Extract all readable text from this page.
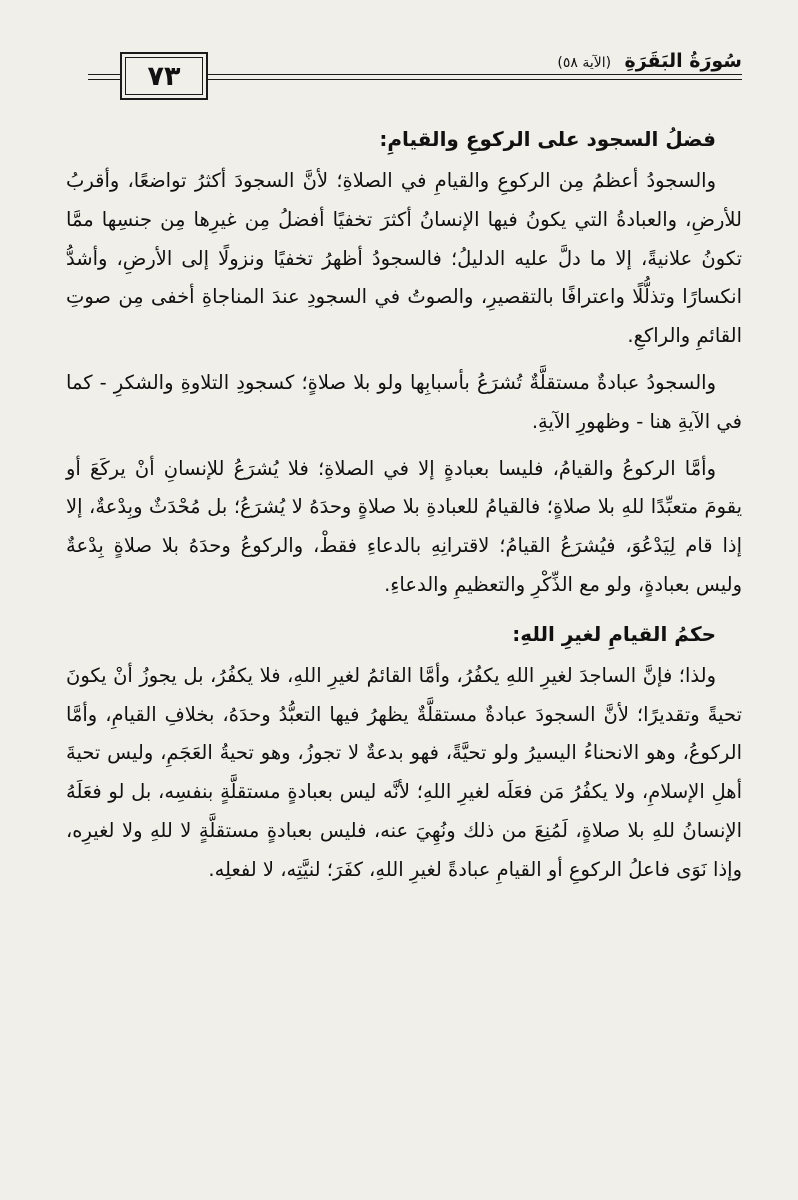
٧٣	سُورَةُ البَقَرَةِ (الآية ٥٨)
فضلُ السجود على الركوعِ والقيامِ:

والسجودُ أعظمُ مِن الركوعِ والقيامِ في الصلاةِ؛ لأنَّ السجودَ أكثرُ تواضعًا، وأقربُ للأرضِ، والعبادةُ التي يكونُ فيها الإنسانُ أكثرَ تخفيًا أفضلُ مِن غيرِها مِن جنسِها ممَّا تكونُ علانيةً، إلا ما دلَّ عليه الدليلُ؛ فالسجودُ أظهرُ تخفيًا ونزولًا إلى الأرضِ، وأشدُّ انكسارًا وتذلُّلًا واعترافًا بالتقصيرِ، والصوتُ في السجودِ عندَ المناجاةِ أخفى مِن صوتِ القائمِ والراكعِ.

والسجودُ عبادةٌ مستقلَّةٌ تُشرَعُ بأسبابِها ولو بلا صلاةٍ؛ كسجودِ التلاوةِ والشكرِ - كما في الآيةِ هنا - وظهورِ الآيةِ.

وأمَّا الركوعُ والقيامُ، فليسا بعبادةٍ إلا في الصلاةِ؛ فلا يُشرَعُ للإنسانِ أنْ يركَعَ أو يقومَ متعبِّدًا للهِ بلا صلاةٍ؛ فالقيامُ للعبادةِ بلا صلاةٍ وحدَهُ لا يُشرَعُ؛ بل مُحْدَثٌ وبِدْعةٌ، إلا إذا قام لِيَدْعُوَ، فيُشرَعُ القيامُ؛ لاقترانِهِ بالدعاءِ فقطْ، والركوعُ وحدَهُ بلا صلاةٍ بِدْعةٌ وليس بعبادةٍ، ولو مع الذِّكْرِ والتعظيمِ والدعاءِ.

حكمُ القيامِ لغيرِ اللهِ:

ولذا؛ فإنَّ الساجدَ لغيرِ اللهِ يكفُرُ، وأمَّا القائمُ لغيرِ اللهِ، فلا يكفُرُ، بل يجوزُ أنْ يكونَ تحيةً وتقديرًا؛ لأنَّ السجودَ عبادةٌ مستقلَّةٌ يظهرُ فيها التعبُّدُ وحدَهُ، بخلافِ القيامِ، وأمَّا الركوعُ، وهو الانحناءُ اليسيرُ ولو تحيَّةً، فهو بدعةٌ لا تجوزُ، وهو تحيةُ العَجَمِ، وليس تحيةَ أهلِ الإسلامِ، ولا يكفُرُ مَن فعَلَه لغيرِ اللهِ؛ لأنَّه ليس بعبادةٍ مستقلَّةٍ بنفسِه، بل لو فعَلَهُ الإنسانُ للهِ بلا صلاةٍ، لَمُنِعَ من ذلك ونُهِيَ عنه، فليس بعبادةٍ مستقلَّةٍ لا للهِ ولا لغيرِه، وإذا نَوَى فاعلُ الركوعِ أو القيامِ عبادةً لغيرِ اللهِ، كفَرَ؛ لنيَّتِه، لا لفعلِه.
